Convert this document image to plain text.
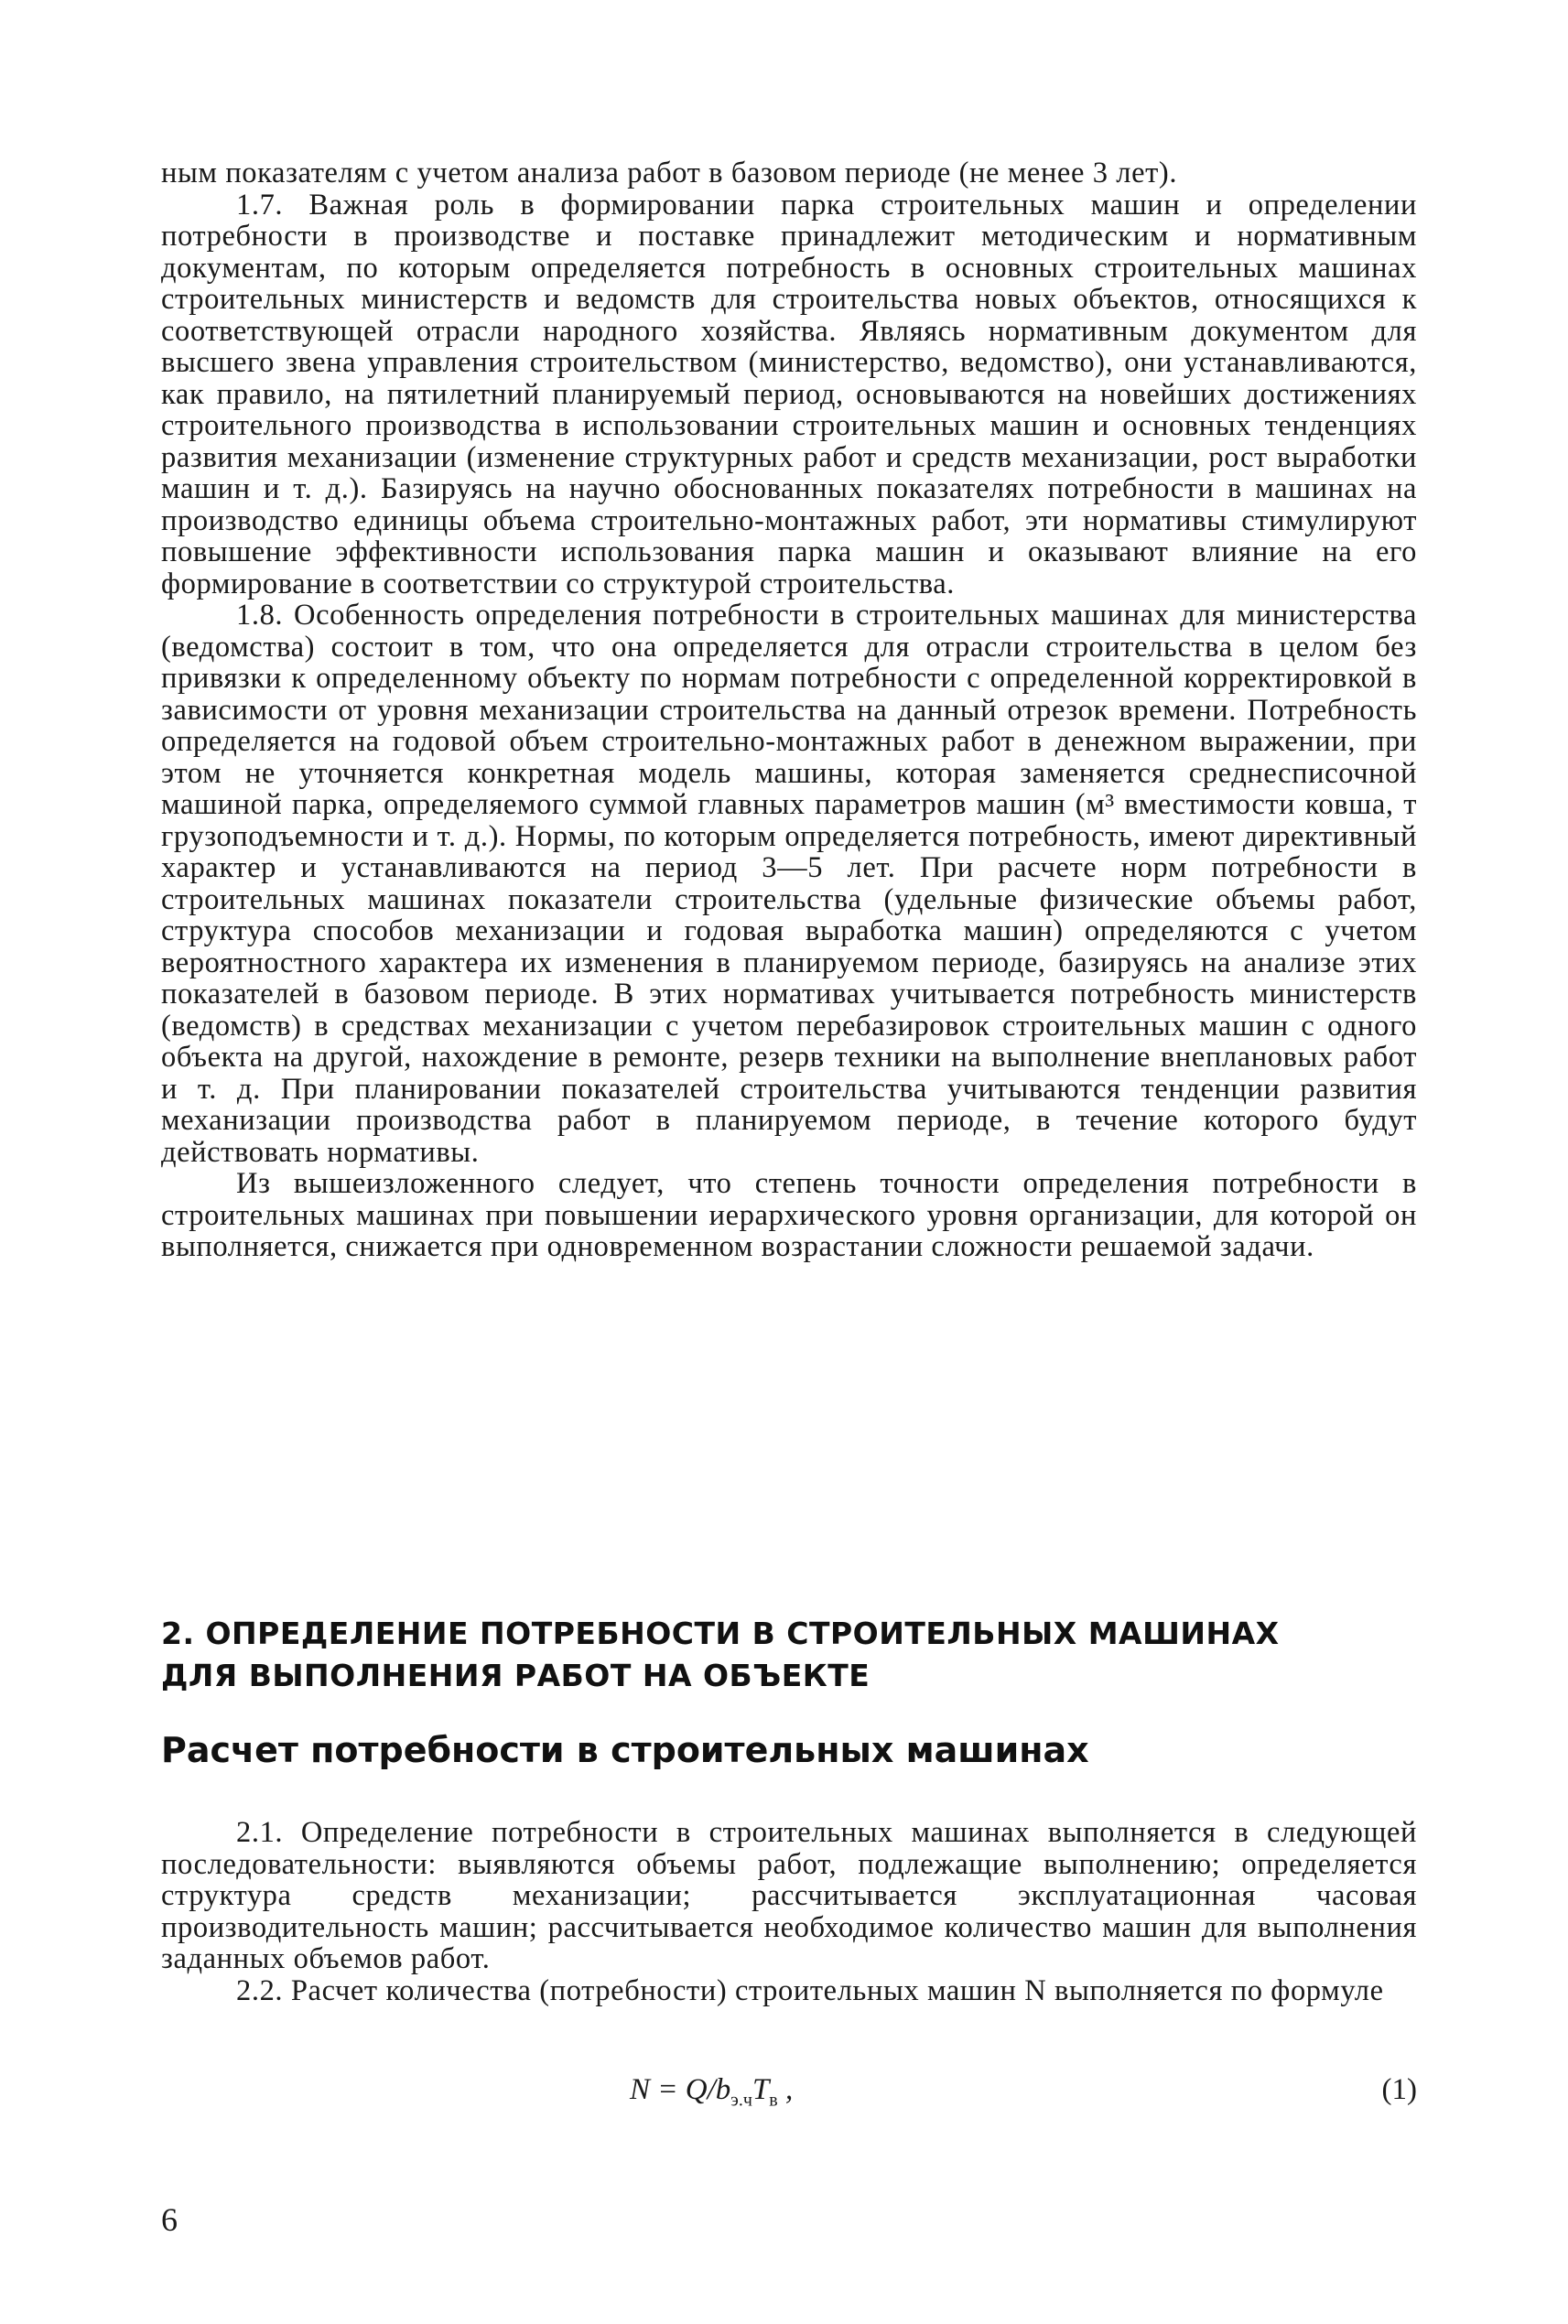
ным показателям с учетом анализа работ в базовом периоде (не менее 3 лет).

1.7. Важная роль в формировании парка строительных машин и определении потребности в производстве и поставке принадлежит методическим и нормативным документам, по которым определяется потребность в основных строительных машинах строительных министерств и ведомств для строительства новых объектов, относящихся к соответствующей отрасли народного хозяйства. Являясь нормативным документом для высшего звена управления строительством (министерство, ведомство), они устанавливаются, как правило, на пятилетний планируемый период, основываются на новейших достижениях строительного производства в использовании строительных машин и основных тенденциях развития механизации (изменение структурных работ и средств механизации, рост выработки машин и т. д.). Базируясь на научно обоснованных показателях потребности в машинах на производство единицы объема строительно-монтажных работ, эти нормативы стимулируют повышение эффективности использования парка машин и оказывают влияние на его формирование в соответствии со структурой строительства.

1.8. Особенность определения потребности в строительных машинах для министерства (ведомства) состоит в том, что она определяется для отрасли строительства в целом без привязки к определенному объекту по нормам потребности с определенной корректировкой в зависимости от уровня механизации строительства на данный отрезок времени. Потребность определяется на годовой объем строительно-монтажных работ в денежном выражении, при этом не уточняется конкретная модель машины, которая заменяется среднесписочной машиной парка, определяемого суммой главных параметров машин (м³ вместимости ковша, т грузоподъемности и т. д.). Нормы, по которым определяется потребность, имеют директивный характер и устанавливаются на период 3—5 лет. При расчете норм потребности в строительных машинах показатели строительства (удельные физические объемы работ, структура способов механизации и годовая выработка машин) определяются с учетом вероятностного характера их изменения в планируемом периоде, базируясь на анализе этих показателей в базовом периоде. В этих нормативах учитывается потребность министерств (ведомств) в средствах механизации с учетом перебазировок строительных машин с одного объекта на другой, нахождение в ремонте, резерв техники на выполнение внеплановых работ и т. д. При планировании показателей строительства учитываются тенденции развития механизации производства работ в планируемом периоде, в течение которого будут действовать нормативы.

Из вышеизложенного следует, что степень точности определения потребности в строительных машинах при повышении иерархического уровня организации, для которой он выполняется, снижается при одновременном возрастании сложности решаемой задачи.

2. ОПРЕДЕЛЕНИЕ ПОТРЕБНОСТИ В СТРОИТЕЛЬНЫХ МАШИНАХ
ДЛЯ ВЫПОЛНЕНИЯ РАБОТ НА ОБЪЕКТЕ
Расчет потребности в строительных машинах

2.1. Определение потребности в строительных машинах выполняется в следующей последовательности: выявляются объемы работ, подлежащие выполнению; определяется структура средств механизации; рассчитывается эксплуатационная часовая производительность машин; рассчитывается необходимое количество машин для выполнения заданных объемов работ.

2.2. Расчет количества (потребности) строительных машин N выполняется по формуле

$N = Q/b_{э.ч}T_в$ ,	(1)
6
